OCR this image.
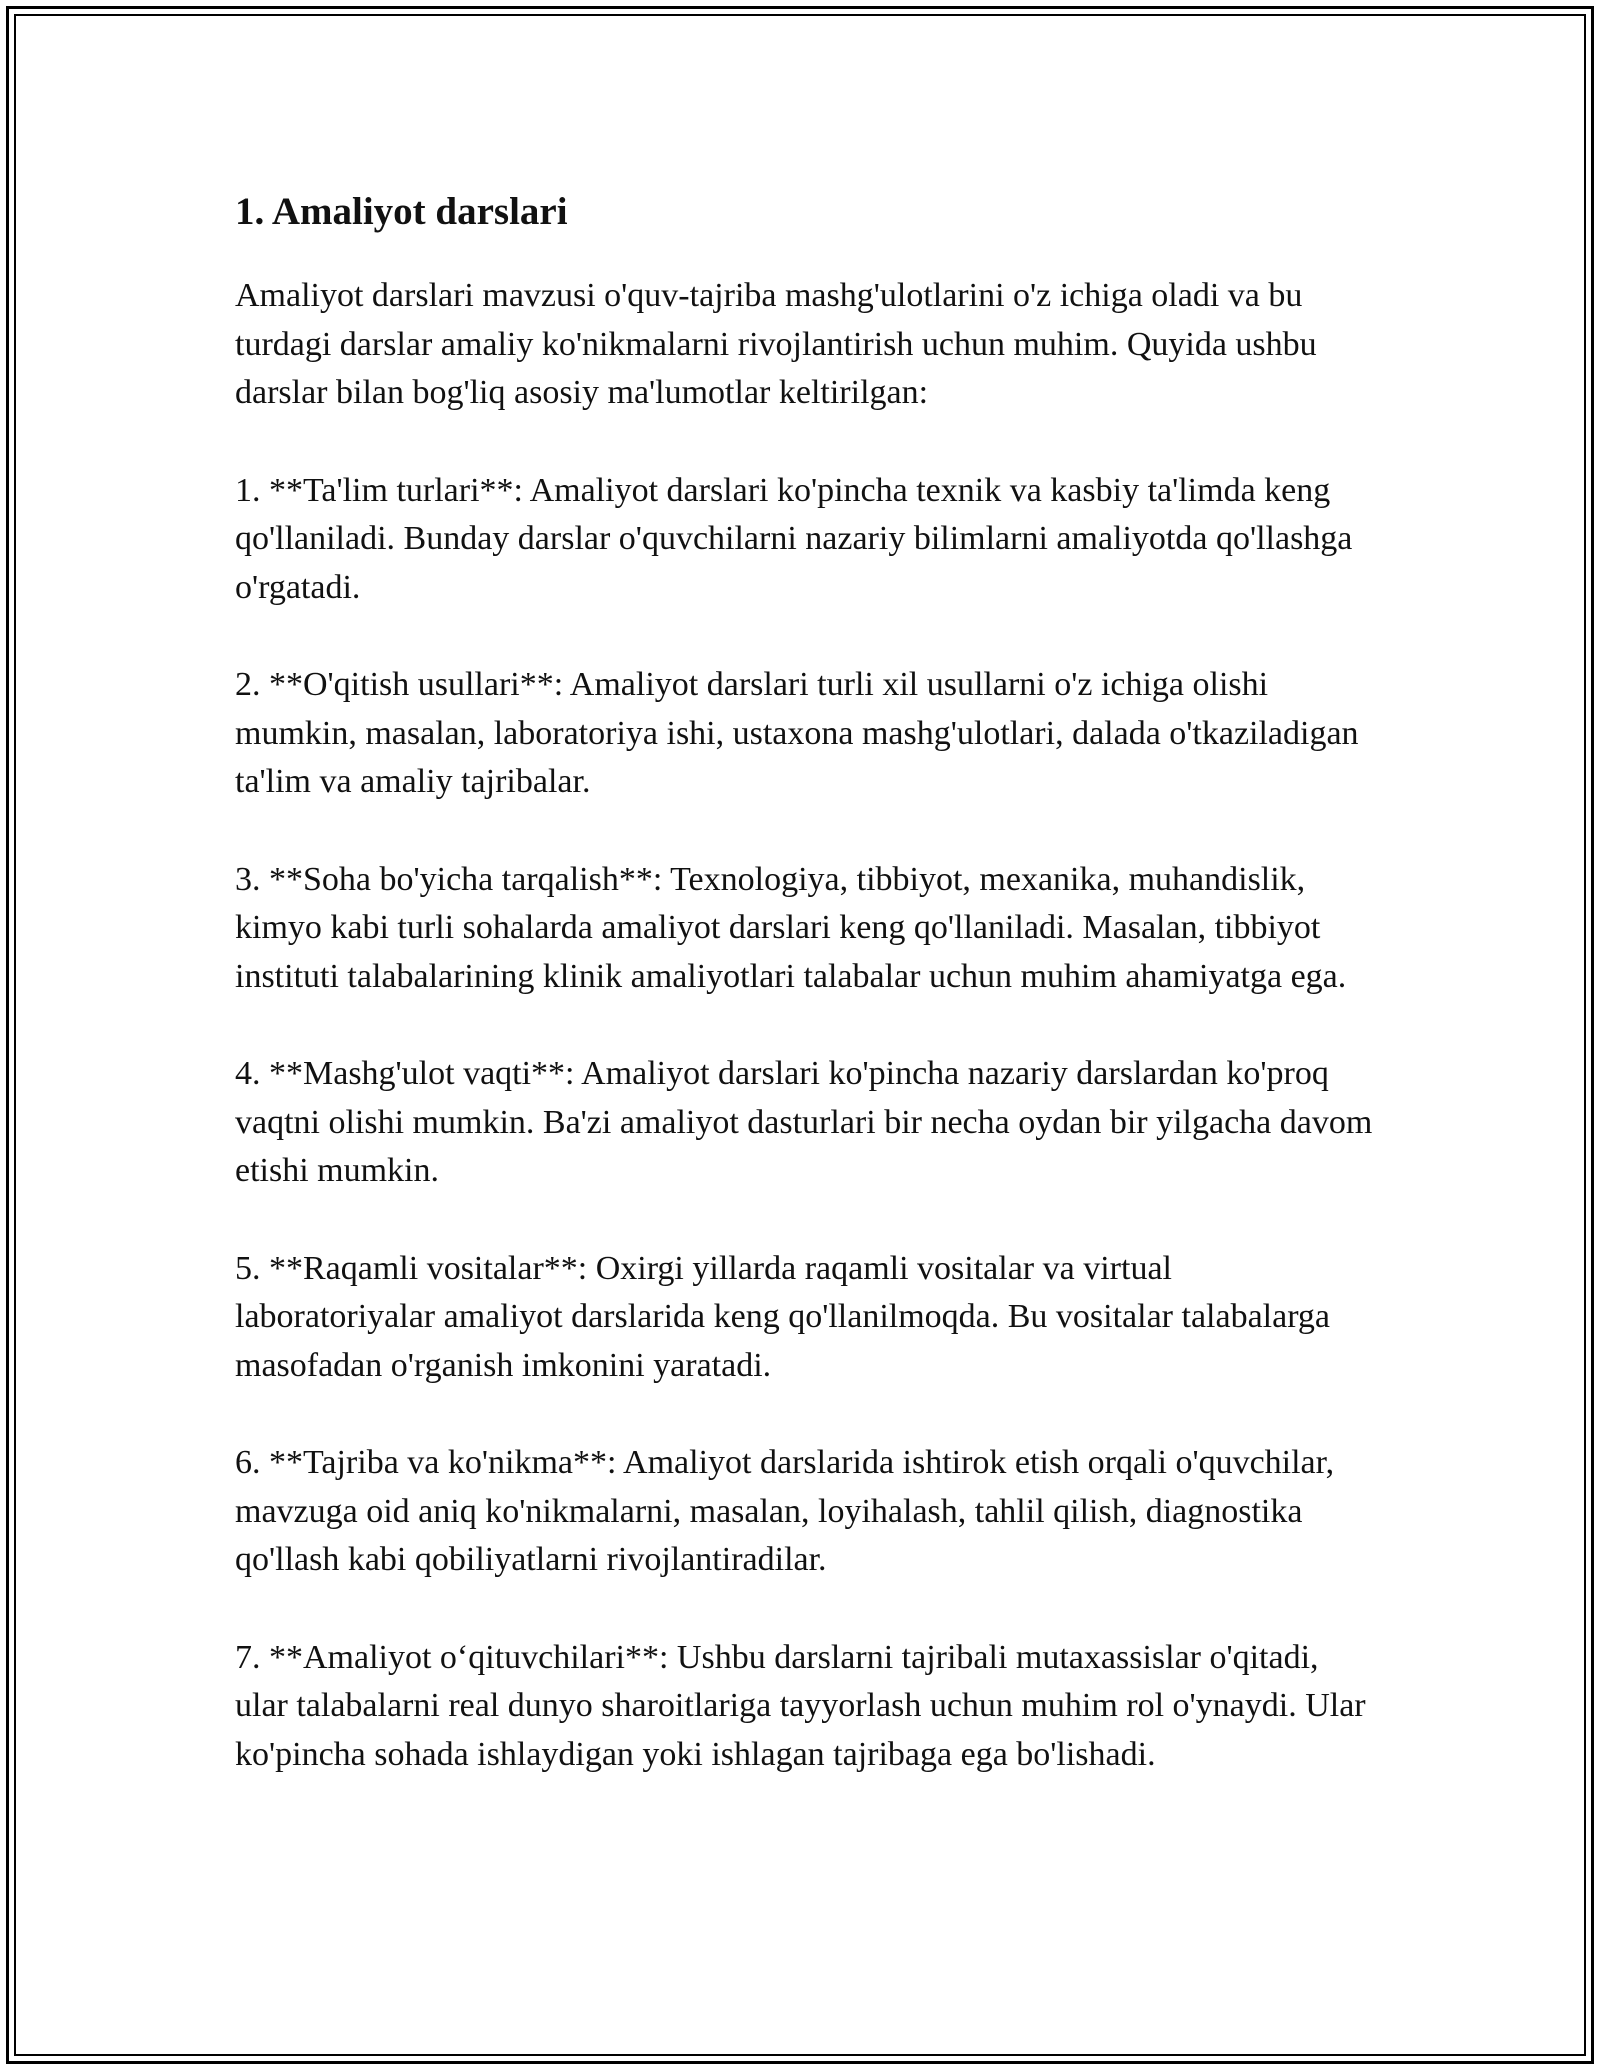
1. Amaliyot darslari

Amaliyot darslari mavzusi o'quv-tajriba mashg'ulotlarini o'z ichiga oladi va bu turdagi darslar amaliy ko'nikmalarni rivojlantirish uchun muhim. Quyida ushbu darslar bilan bog'liq asosiy ma'lumotlar keltirilgan:

1. **Ta'lim turlari**: Amaliyot darslari ko'pincha texnik va kasbiy ta'limda keng qo'llaniladi. Bunday darslar o'quvchilarni nazariy bilimlarni amaliyotda qo'llashga o'rgatadi.

2. **O'qitish usullari**: Amaliyot darslari turli xil usullarni o'z ichiga olishi mumkin, masalan, laboratoriya ishi, ustaxona mashg'ulotlari, dalada o'tkaziladigan ta'lim va amaliy tajribalar.

3. **Soha bo'yicha tarqalish**: Texnologiya, tibbiyot, mexanika, muhandislik, kimyo kabi turli sohalarda amaliyot darslari keng qo'llaniladi. Masalan, tibbiyot instituti talabalarining klinik amaliyotlari talabalar uchun muhim ahamiyatga ega.

4. **Mashg'ulot vaqti**: Amaliyot darslari ko'pincha nazariy darslardan ko'proq vaqtni olishi mumkin. Ba'zi amaliyot dasturlari bir necha oydan bir yilgacha davom etishi mumkin.

5. **Raqamli vositalar**: Oxirgi yillarda raqamli vositalar va virtual laboratoriyalar amaliyot darslarida keng qo'llanilmoqda. Bu vositalar talabalarga masofadan o'rganish imkonini yaratadi.

6. **Tajriba va ko'nikma**: Amaliyot darslarida ishtirok etish orqali o'quvchilar, mavzuga oid aniq ko'nikmalarni, masalan, loyihalash, tahlil qilish, diagnostika qo'llash kabi qobiliyatlarni rivojlantiradilar.

7. **Amaliyot o‘qituvchilari**: Ushbu darslarni tajribali mutaxassislar o'qitadi, ular talabalarni real dunyo sharoitlariga tayyorlash uchun muhim rol o'ynaydi. Ular ko'pincha sohada ishlaydigan yoki ishlagan tajribaga ega bo'lishadi.
